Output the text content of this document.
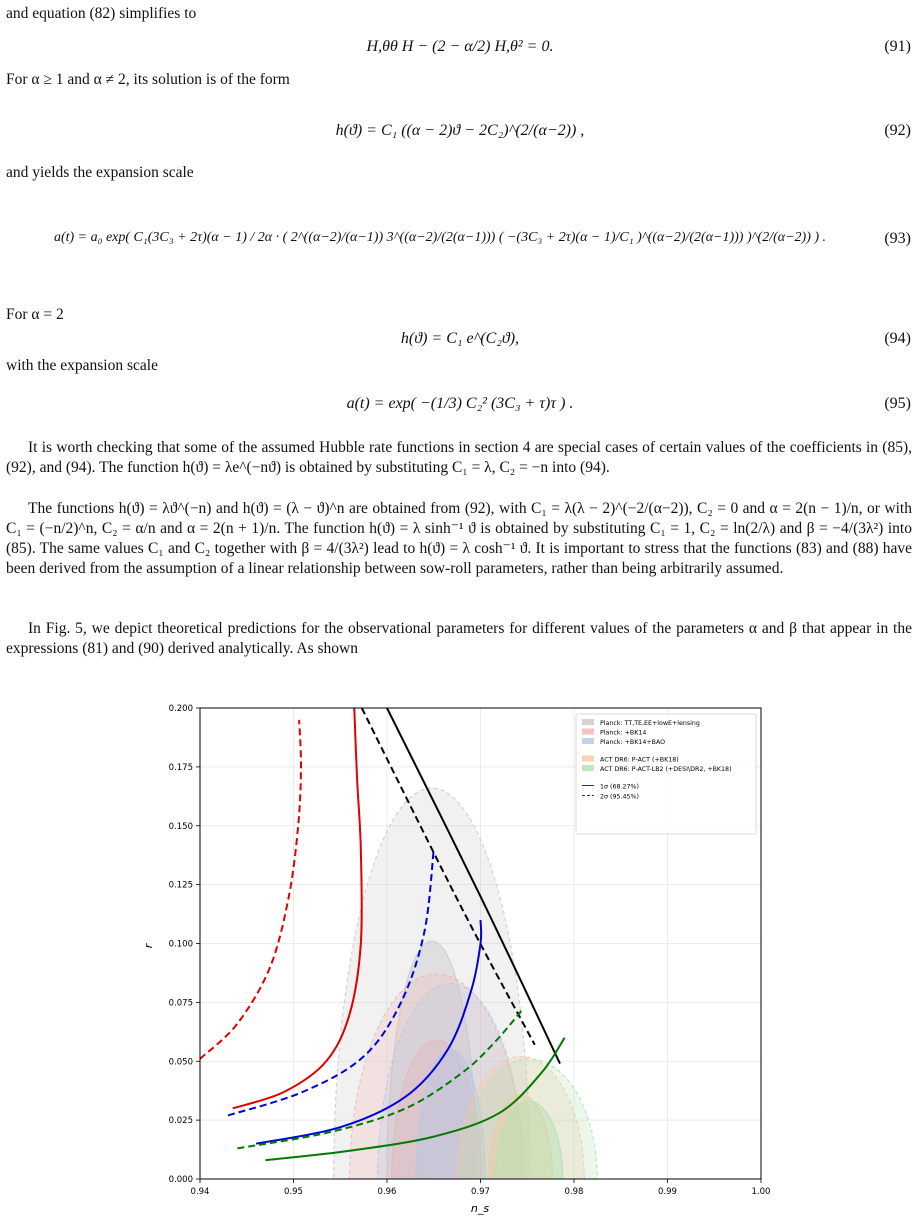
and equation (82) simplifies to
H,θθ H − (2 − α/2) H,θ² = 0.	(91)
For α ≥ 1 and α ≠ 2, its solution is of the form
h(ϑ) = C₁ ((α − 2)ϑ − 2C₂)^(2/(α−2)) ,	(92)
and yields the expansion scale
a(t) = a₀ exp( C₁(3C₃ + 2τ)(α − 1) / 2α · ( 2^((α−2)/(α−1)) 3^((α−2)/(2(α−1))) ( −(3C₃ + 2τ)(α − 1)/C₁ )^((α−2)/(2(α−1))) )^(2/(α−2)) ) .	(93)
For α = 2
h(ϑ) = C₁ e^(C₂ϑ),	(94)
with the expansion scale
a(t) = exp( −(1/3) C₂² (3C₃ + τ)τ ) .	(95)
It is worth checking that some of the assumed Hubble rate functions in section 4 are special cases of certain values of the coefficients in (85), (92), and (94). The function h(ϑ) = λe^(−nϑ) is obtained by substituting C₁ = λ, C₂ = −n into (94).
The functions h(ϑ) = λϑ^(−n) and h(ϑ) = (λ − ϑ)^n are obtained from (92), with C₁ = λ(λ − 2)^(−2/(α−2)), C₂ = 0 and α = 2(n − 1)/n, or with C₁ = (−n/2)^n, C₂ = α/n and α = 2(n + 1)/n. The function h(ϑ) = λ sinh⁻¹ ϑ is obtained by substituting C₁ = 1, C₂ = ln(2/λ) and β = −4/(3λ²) into (85). The same values C₁ and C₂ together with β = 4/(3λ²) lead to h(ϑ) = λ cosh⁻¹ ϑ. It is important to stress that the functions (83) and (88) have been derived from the assumption of a linear relationship between sow-roll parameters, rather than being arbitrarily assumed.
In Fig. 5, we depict theoretical predictions for the observational parameters for different values of the parameters α and β that appear in the expressions (81) and (90) derived analytically. As shown
0.94	0.95	0.96	0.97	0.98	0.99	1.00
0.000
0.025
0.050
0.075
0.100
0.125
0.150
0.175
0.200
n_s
r
Planck: TT,TE,EE+lowE+lensing
Planck: +BK14
Planck: +BK14+BAO
ACT DR6: P-ACT (+BK18)
ACT DR6: P-ACT-LB2 (+DESI\DR2, +BK18)
1σ (68.27%)
2σ (95.45%)
